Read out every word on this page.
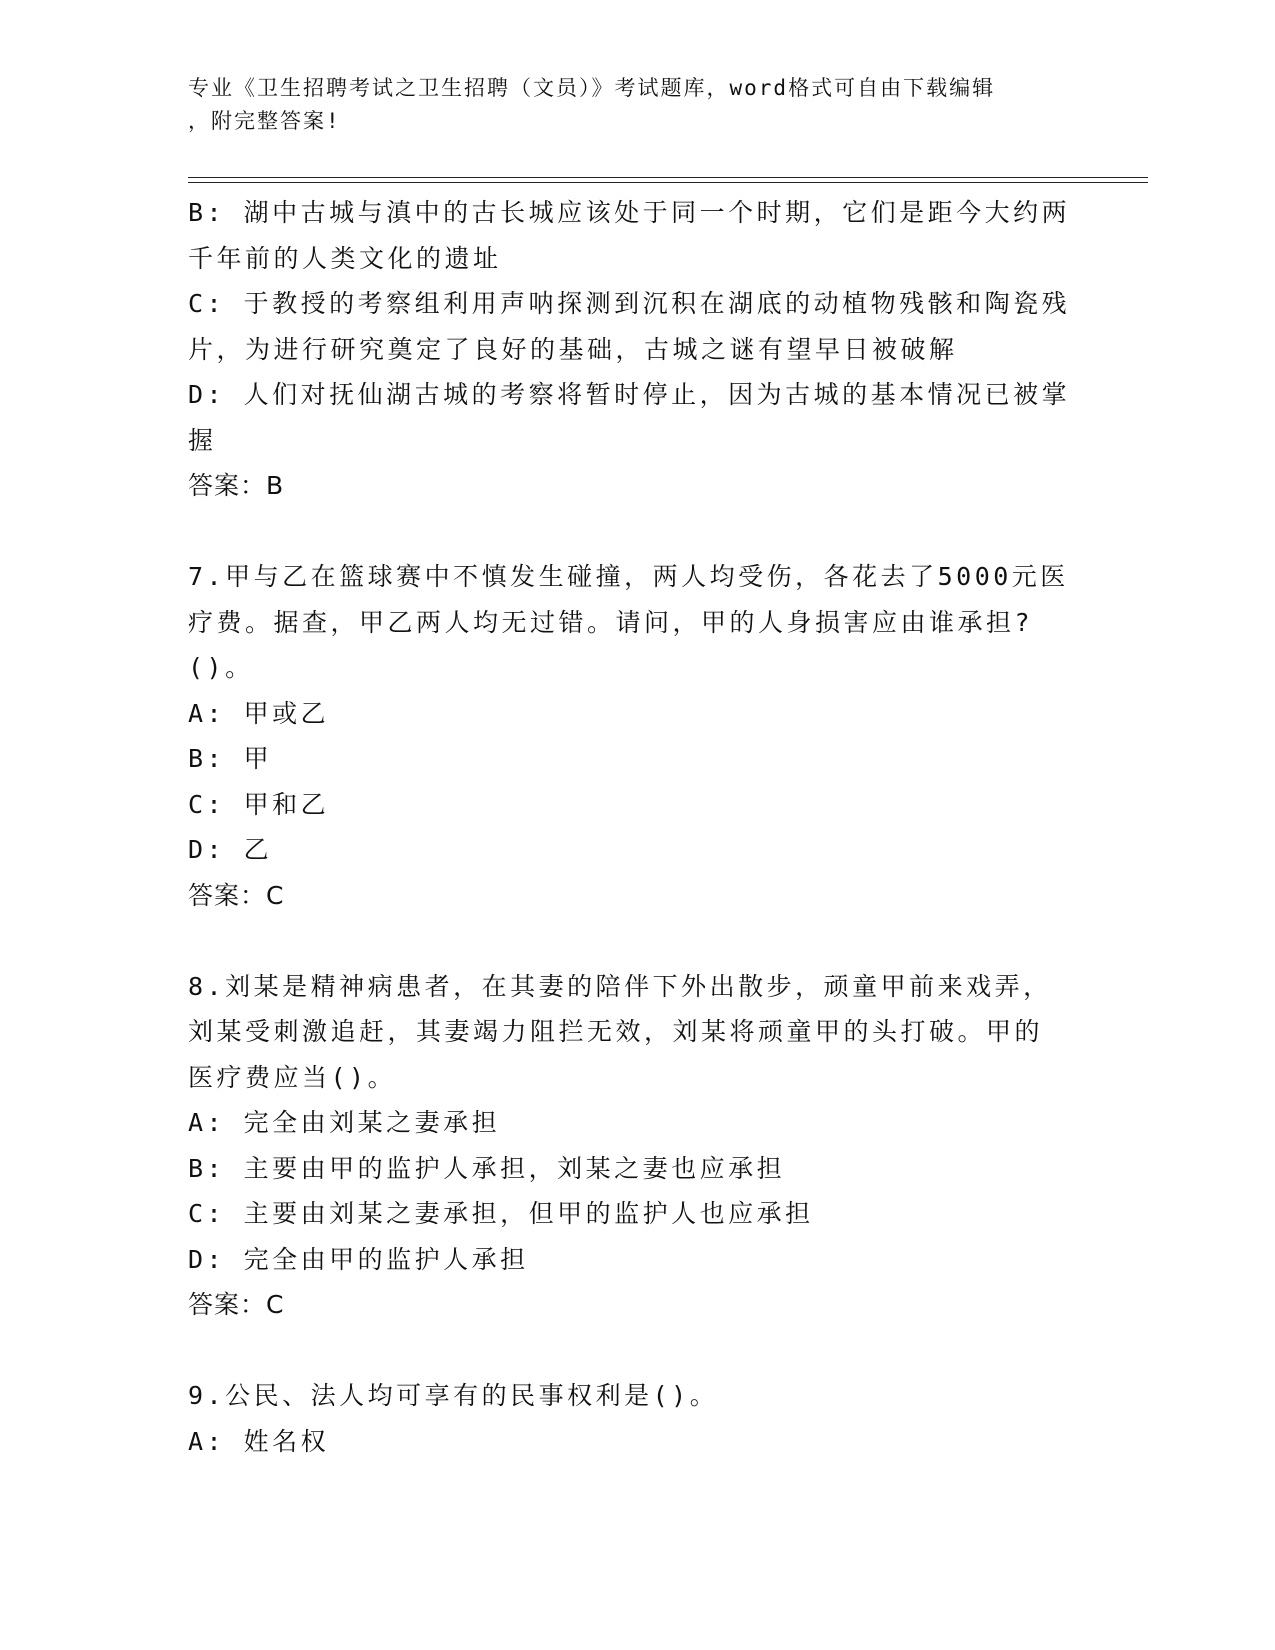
专业《卫生招聘考试之卫生招聘（文员）》考试题库，word格式可自由下载编辑
，附完整答案!
B: 湖中古城与滇中的古长城应该处于同一个时期，它们是距今大约两
千年前的人类文化的遗址
C: 于教授的考察组利用声呐探测到沉积在湖底的动植物残骸和陶瓷残
片，为进行研究奠定了良好的基础，古城之谜有望早日被破解
D: 人们对抚仙湖古城的考察将暂时停止，因为古城的基本情况已被掌
握
答案：B
7.甲与乙在篮球赛中不慎发生碰撞，两人均受伤，各花去了5000元医
疗费。据查，甲乙两人均无过错。请问，甲的人身损害应由谁承担?
()。
A: 甲或乙
B: 甲
C: 甲和乙
D: 乙
答案：C
8.刘某是精神病患者，在其妻的陪伴下外出散步，顽童甲前来戏弄，
刘某受刺激追赶，其妻竭力阻拦无效，刘某将顽童甲的头打破。甲的
医疗费应当()。
A: 完全由刘某之妻承担
B: 主要由甲的监护人承担，刘某之妻也应承担
C: 主要由刘某之妻承担，但甲的监护人也应承担
D: 完全由甲的监护人承担
答案：C
9.公民、法人均可享有的民事权利是()。
A: 姓名权
